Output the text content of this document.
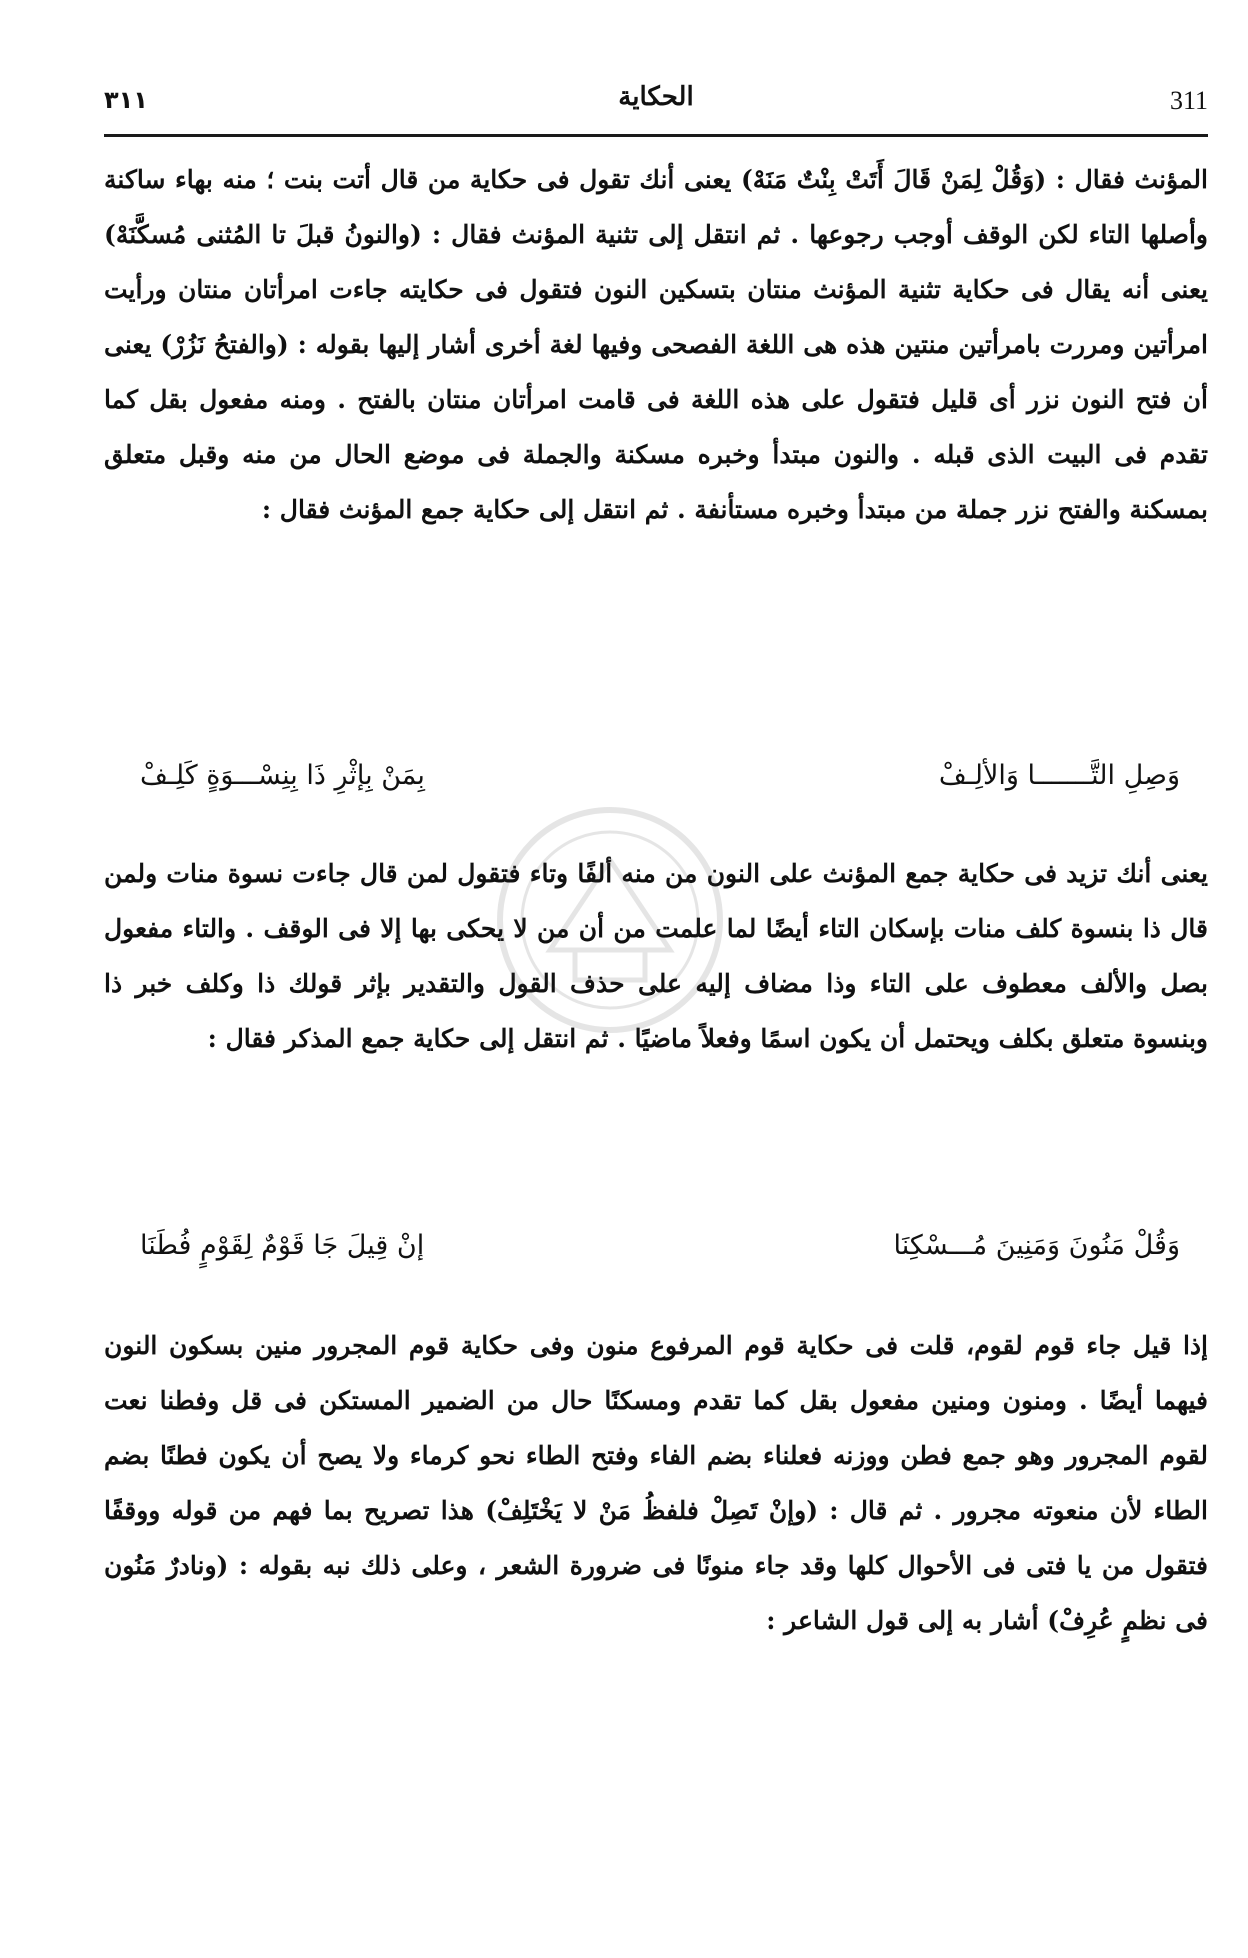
٣١١	الحكاية	311

المؤنث فقال : (وَقُلْ لِمَنْ قَالَ أَتَتْ بِنْتٌ مَنَهْ) يعنى أنك تقول فى حكاية من قال أتت بنت ؛ منه بهاء ساكنة وأصلها التاء لكن الوقف أوجب رجوعها . ثم انتقل إلى تثنية المؤنث فقال : (والنونُ قبلَ تا المُثنى مُسكَّنَهْ) يعنى أنه يقال فى حكاية تثنية المؤنث منتان بتسكين النون فتقول فى حكايته جاءت امرأتان منتان ورأيت امرأتين ومررت بامرأتين منتين هذه هى اللغة الفصحى وفيها لغة أخرى أشار إليها بقوله : (والفتحُ نَزُرْ) يعنى أن فتح النون نزر أى قليل فتقول على هذه اللغة فى قامت امرأتان منتان بالفتح . ومنه مفعول بقل كما تقدم فى البيت الذى قبله . والنون مبتدأ وخبره مسكنة والجملة فى موضع الحال من منه وقبل متعلق بمسكنة والفتح نزر جملة من مبتدأ وخبره مستأنفة . ثم انتقل إلى حكاية جمع المؤنث فقال :

وَصِلِ التَّـــــــا وَالألِـفْ
بِمَنْ بِإثْرِ ذَا بِنِسْـــوَةٍ كَلِـفْ

يعنى أنك تزيد فى حكاية جمع المؤنث على النون من منه ألفًا وتاء فتقول لمن قال جاءت نسوة منات ولمن قال ذا بنسوة كلف منات بإسكان التاء أيضًا لما علمت من أن من لا يحكى بها إلا فى الوقف . والتاء مفعول بصل والألف معطوف على التاء وذا مضاف إليه على حذف القول والتقدير بإثر قولك ذا وكلف خبر ذا وبنسوة متعلق بكلف ويحتمل أن يكون اسمًا وفعلاً ماضيًا . ثم انتقل إلى حكاية جمع المذكر فقال :

وَقُلْ مَنُونَ وَمَنِينَ مُـــسْكِنَا
إنْ قِيلَ جَا قَوْمٌ لِقَوْمٍ فُطَنَا

إذا قيل جاء قوم لقوم، قلت فى حكاية قوم المرفوع منون وفى حكاية قوم المجرور منين بسكون النون فيهما أيضًا . ومنون ومنين مفعول بقل كما تقدم ومسكنًا حال من الضمير المستكن فى قل وفطنا نعت لقوم المجرور وهو جمع فطن ووزنه فعلناء بضم الفاء وفتح الطاء نحو كرماء ولا يصح أن يكون فطنًا بضم الطاء لأن منعوته مجرور . ثم قال : (وإنْ تَصِلْ فلفظُ مَنْ لا يَخْتَلِفْ) هذا تصريح بما فهم من قوله ووقفًا فتقول من يا فتى فى الأحوال كلها وقد جاء منونًا فى ضرورة الشعر ، وعلى ذلك نبه بقوله : (ونادرٌ مَنُون فى نظمٍ عُرِفْ) أشار به إلى قول الشاعر :
